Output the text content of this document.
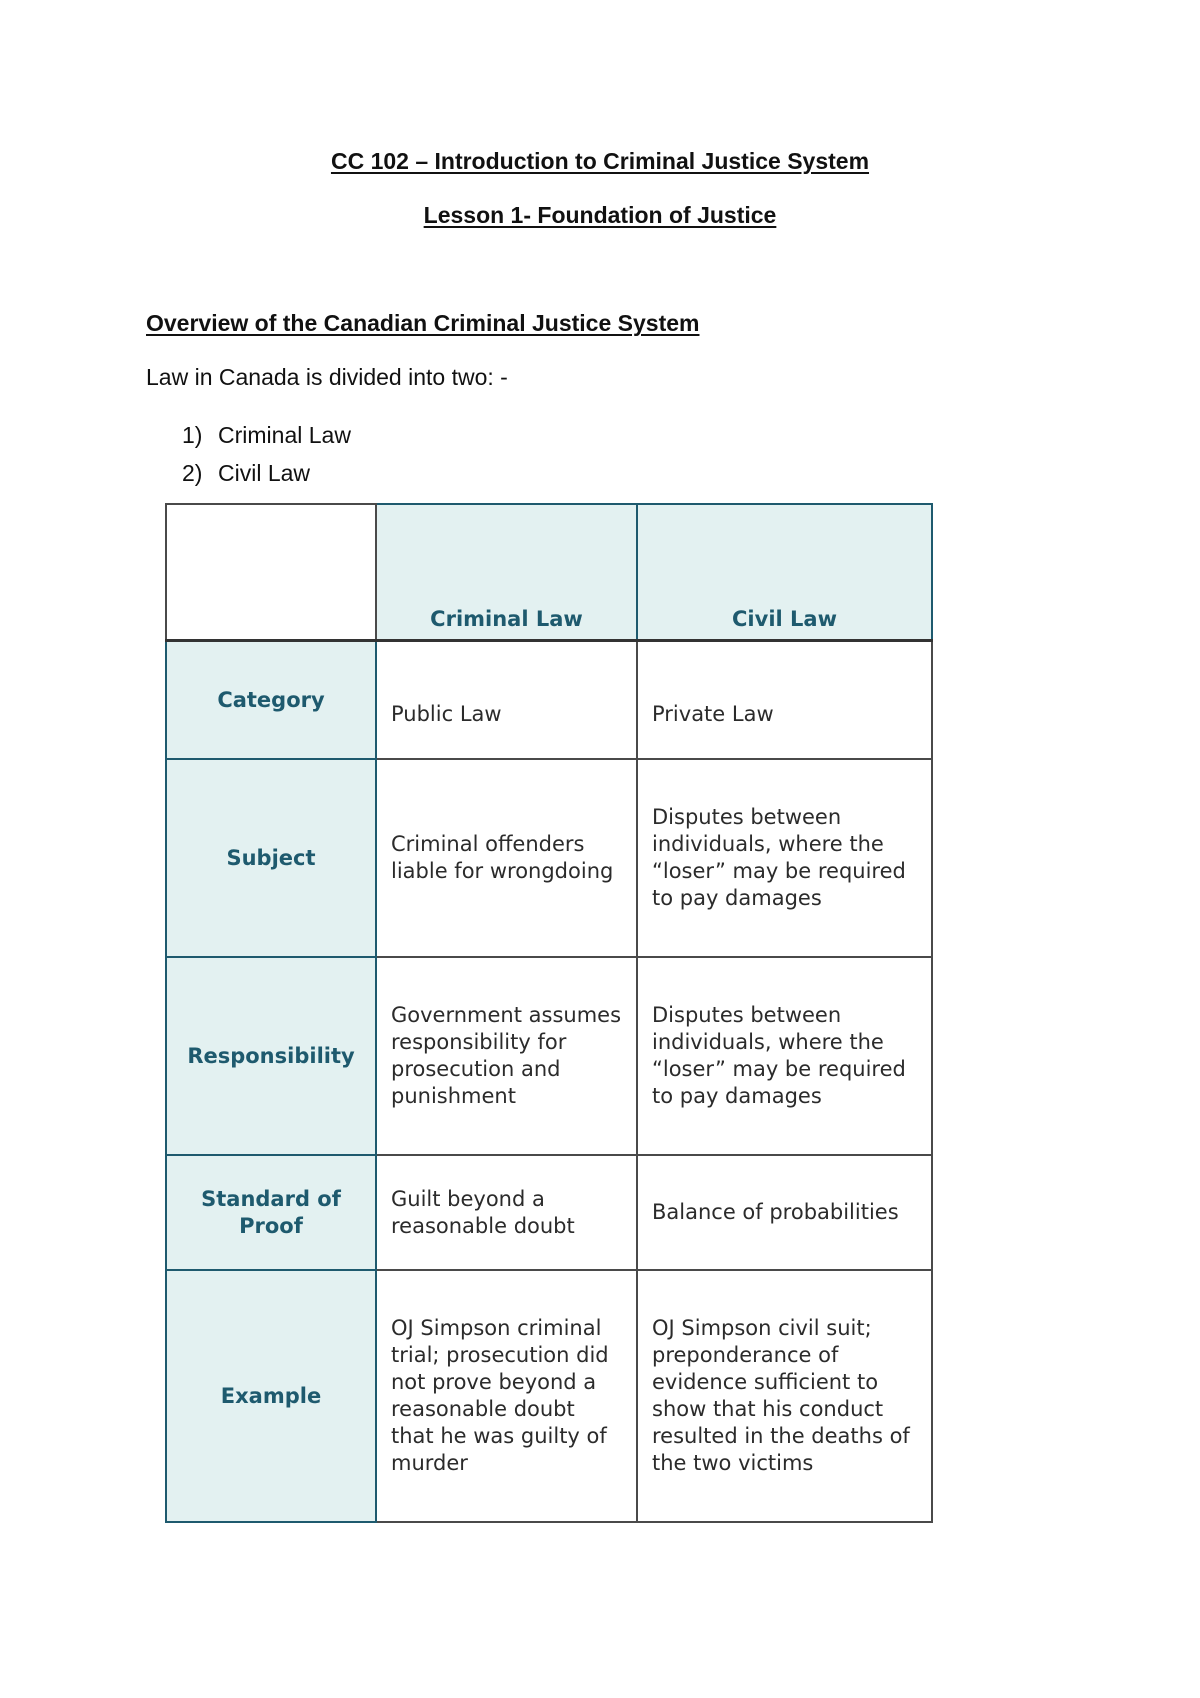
CC 102 – Introduction to Criminal Justice System
Lesson 1- Foundation of Justice
Overview of the Canadian Criminal Justice System

Law in Canada is divided into two: -

1) Criminal Law
2) Civil Law
	Criminal Law	Civil Law
Category	Public Law	Private Law
Subject	Criminal offenders liable for wrongdoing	Disputes between individuals, where the “loser” may be required to pay damages
Responsibility	Government assumes responsibility for prosecution and punishment	Disputes between individuals, where the “loser” may be required to pay damages
Standard of Proof	Guilt beyond a reasonable doubt	Balance of probabilities
Example	OJ Simpson criminal trial; prosecution did not prove beyond a reasonable doubt that he was guilty of murder	OJ Simpson civil suit; preponderance of evidence sufficient to show that his conduct resulted in the deaths of the two victims
